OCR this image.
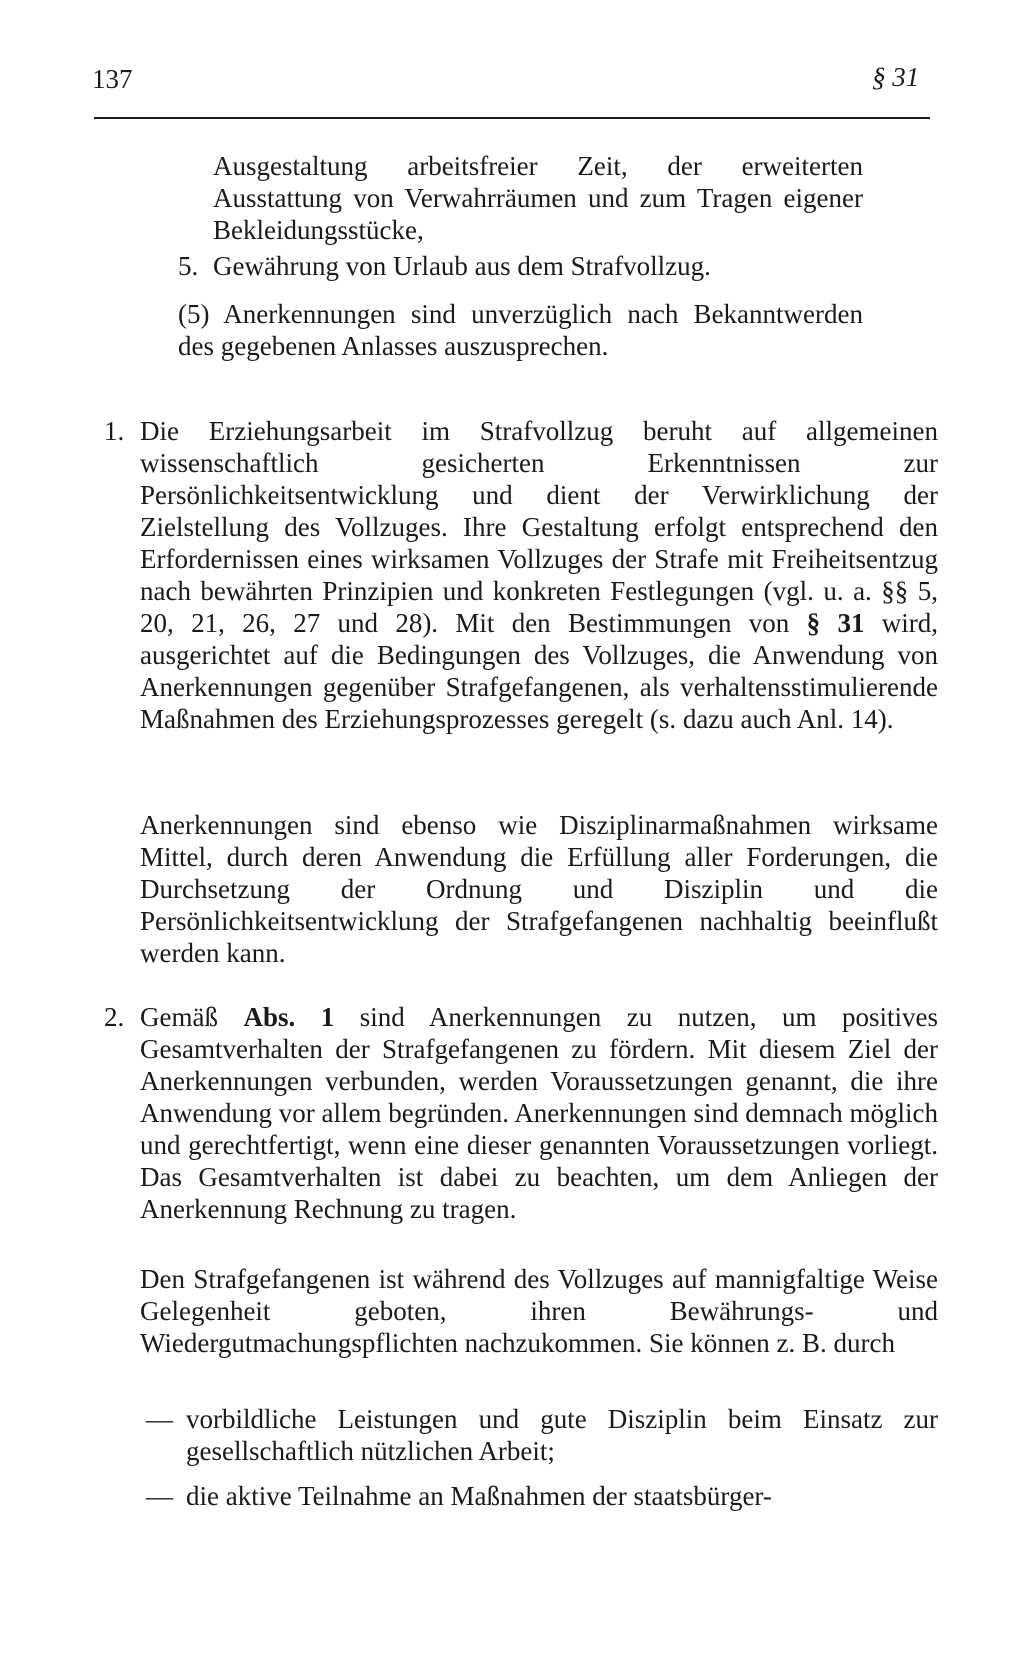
137	§ 31
Ausgestaltung arbeitsfreier Zeit, der erweiterten Ausstattung von Verwahrräumen und zum Tragen eigener Bekleidungsstücke,
5. Gewährung von Urlaub aus dem Strafvollzug.
(5) Anerkennungen sind unverzüglich nach Bekanntwerden des gegebenen Anlasses auszusprechen.
1. Die Erziehungsarbeit im Strafvollzug beruht auf allgemeinen wissenschaftlich gesicherten Erkenntnissen zur Persönlichkeitsentwicklung und dient der Verwirklichung der Zielstellung des Vollzuges. Ihre Gestaltung erfolgt entsprechend den Erfordernissen eines wirksamen Vollzuges der Strafe mit Freiheitsentzug nach bewährten Prinzipien und konkreten Festlegungen (vgl. u. a. §§ 5, 20, 21, 26, 27 und 28). Mit den Bestimmungen von § 31 wird, ausgerichtet auf die Bedingungen des Vollzuges, die Anwendung von Anerkennungen gegenüber Strafgefangenen, als verhaltensstimulierende Maßnahmen des Erziehungsprozesses geregelt (s. dazu auch Anl. 14).
Anerkennungen sind ebenso wie Disziplinarmaßnahmen wirksame Mittel, durch deren Anwendung die Erfüllung aller Forderungen, die Durchsetzung der Ordnung und Disziplin und die Persönlichkeitsentwicklung der Strafgefangenen nachhaltig beeinflußt werden kann.
2. Gemäß Abs. 1 sind Anerkennungen zu nutzen, um positives Gesamtverhalten der Strafgefangenen zu fördern. Mit diesem Ziel der Anerkennungen verbunden, werden Voraussetzungen genannt, die ihre Anwendung vor allem begründen. Anerkennungen sind demnach möglich und gerechtfertigt, wenn eine dieser genannten Voraussetzungen vorliegt. Das Gesamtverhalten ist dabei zu beachten, um dem Anliegen der Anerkennung Rechnung zu tragen.
Den Strafgefangenen ist während des Vollzuges auf mannigfaltige Weise Gelegenheit geboten, ihren Bewährungs- und Wiedergutmachungspflichten nachzukommen. Sie können z. B. durch
— vorbildliche Leistungen und gute Disziplin beim Einsatz zur gesellschaftlich nützlichen Arbeit;
— die aktive Teilnahme an Maßnahmen der staatsbürger-
